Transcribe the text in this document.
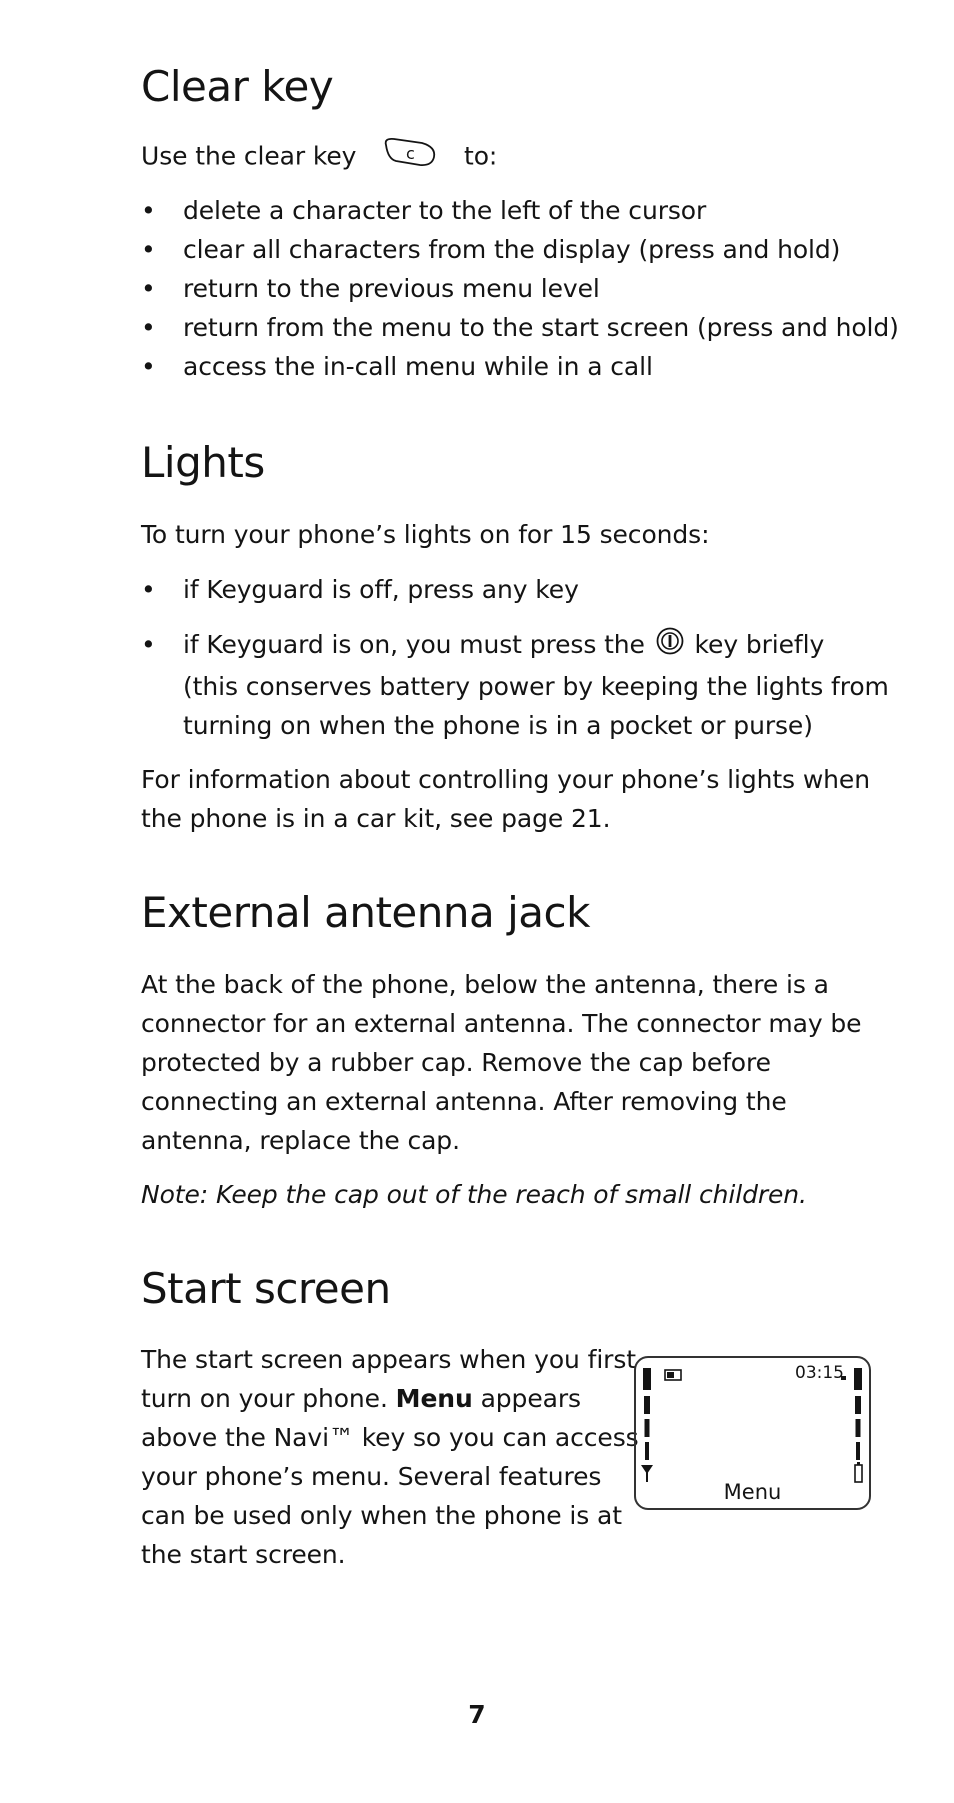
Clear key
Use the clear key	c to:
• delete a character to the left of the cursor
• clear all characters from the display (press and hold)
• return to the previous menu level
• return from the menu to the start screen (press and hold)
• access the in-call menu while in a call
Lights
To turn your phone’s lights on for 15 seconds:
• if Keyguard is off, press any key
• if Keyguard is on, you must press the key briefly
(this conserves battery power by keeping the lights from
turning on when the phone is in a pocket or purse)
For information about controlling your phone’s lights when
the phone is in a car kit, see page 21.
External antenna jack
At the back of the phone, below the antenna, there is a
connector for an external antenna. The connector may be
protected by a rubber cap. Remove the cap before
connecting an external antenna. After removing the
antenna, replace the cap.
Note: Keep the cap out of the reach of small children.
Start screen
The start screen appears when you first
turn on your phone. Menu appears
above the Navi™ key so you can access
your phone’s menu. Several features
can be used only when the phone is at
the start screen.
03:15
Menu
7
